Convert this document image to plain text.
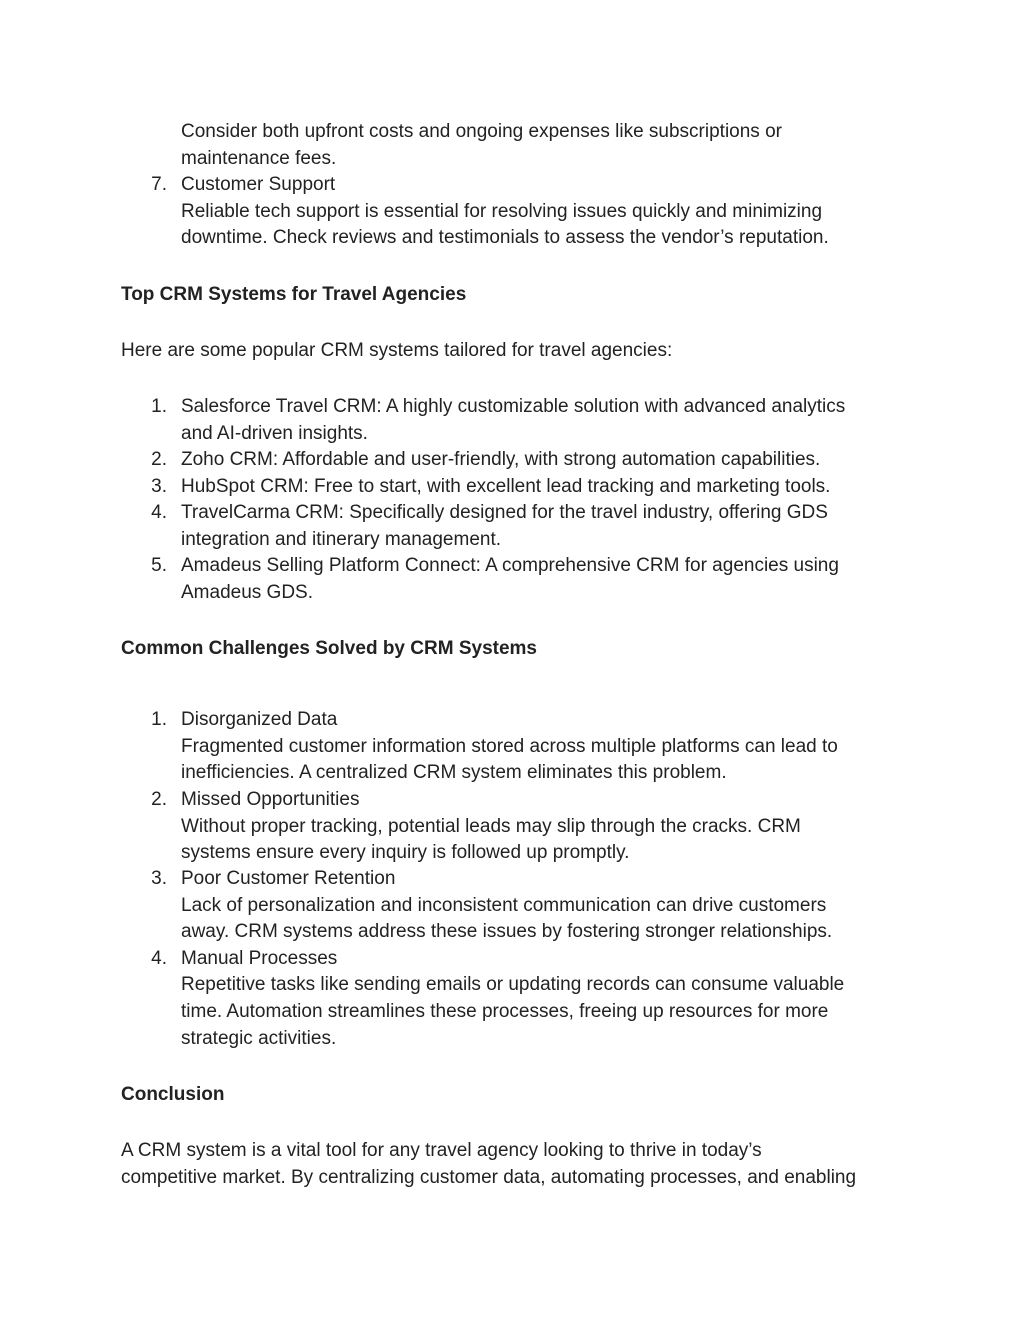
Consider both upfront costs and ongoing expenses like subscriptions or
maintenance fees.
7. Customer Support
Reliable tech support is essential for resolving issues quickly and minimizing
downtime. Check reviews and testimonials to assess the vendor’s reputation.
Top CRM Systems for Travel Agencies
Here are some popular CRM systems tailored for travel agencies:
1. Salesforce Travel CRM: A highly customizable solution with advanced analytics
and AI-driven insights.
2. Zoho CRM: Affordable and user-friendly, with strong automation capabilities.
3. HubSpot CRM: Free to start, with excellent lead tracking and marketing tools.
4. TravelCarma CRM: Specifically designed for the travel industry, offering GDS
integration and itinerary management.
5. Amadeus Selling Platform Connect: A comprehensive CRM for agencies using
Amadeus GDS.
Common Challenges Solved by CRM Systems
1. Disorganized Data
Fragmented customer information stored across multiple platforms can lead to
inefficiencies. A centralized CRM system eliminates this problem.
2. Missed Opportunities
Without proper tracking, potential leads may slip through the cracks. CRM
systems ensure every inquiry is followed up promptly.
3. Poor Customer Retention
Lack of personalization and inconsistent communication can drive customers
away. CRM systems address these issues by fostering stronger relationships.
4. Manual Processes
Repetitive tasks like sending emails or updating records can consume valuable
time. Automation streamlines these processes, freeing up resources for more
strategic activities.
Conclusion
A CRM system is a vital tool for any travel agency looking to thrive in today’s
competitive market. By centralizing customer data, automating processes, and enabling
